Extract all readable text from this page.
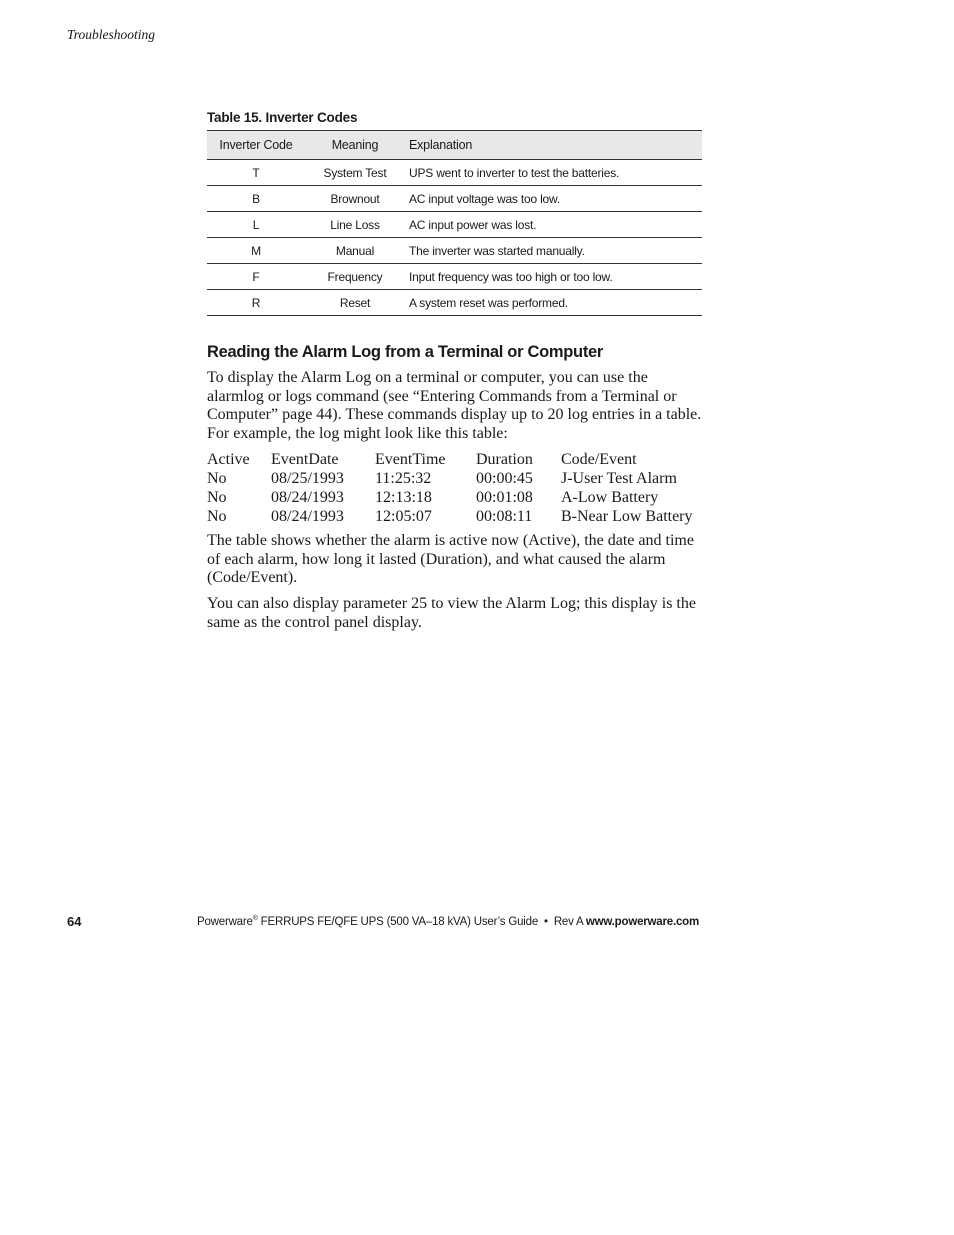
Troubleshooting
Table 15. Inverter Codes
Inverter Code	Meaning	Explanation
T	System Test	UPS went to inverter to test the batteries.
B	Brownout	AC input voltage was too low.
L	Line Loss	AC input power was lost.
M	Manual	The inverter was started manually.
F	Frequency	Input frequency was too high or too low.
R	Reset	A system reset was performed.
Reading the Alarm Log from a Terminal or Computer

To display the Alarm Log on a terminal or computer, you can use the alarmlog or logs command (see “Entering Commands from a Terminal or Computer” page 44). These commands display up to 20 log entries in a table. For example, the log might look like this table:

Active EventDate EventTime Duration Code/Event
No	08/25/1993 11:25:32	00:00:45 J-User Test Alarm
No	08/24/1993 12:13:18	00:01:08 A-Low Battery
No	08/24/1993 12:05:07	00:08:11 B-Near Low Battery

The table shows whether the alarm is active now (Active), the date and time of each alarm, how long it lasted (Duration), and what caused the alarm (Code/Event).

You can also display parameter 25 to view the Alarm Log; this display is the same as the control panel display.

64	Powerware® FERRUPS FE/QFE UPS (500 VA–18 kVA) User’s Guide  •  Rev A www.powerware.com
